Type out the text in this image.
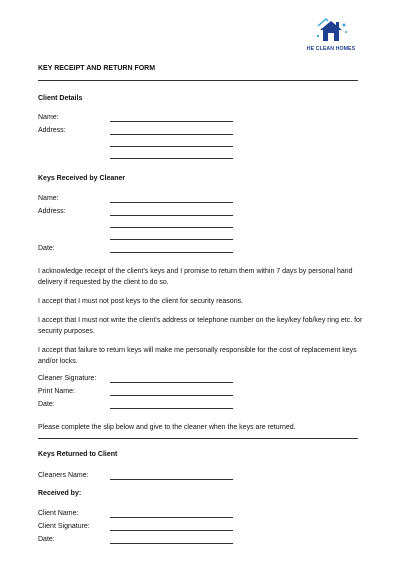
HE CLEAN HOMES
KEY RECEIPT AND RETURN FORM
Client Details
Name:
Address:
Keys Received by Cleaner
Name:
Address:
Date:
I acknowledge receipt of the client's keys and I promise to return them within 7 days by personal hand delivery if requested by the client to do so.
I accept that I must not post keys to the client for security reasons.
I accept that I must not write the client's address or telephone number on the key/key fob/key ring etc. for security purposes.
I accept that failure to return keys will make me personally responsible for the cost of replacement keys and/or locks.
Cleaner Signature:
Print Name:
Date:
Please complete the slip below and give to the cleaner when the keys are returned.
Keys Returned to Client
Cleaners Name:
Received by:
Client Name:
Client Signature:
Date:
